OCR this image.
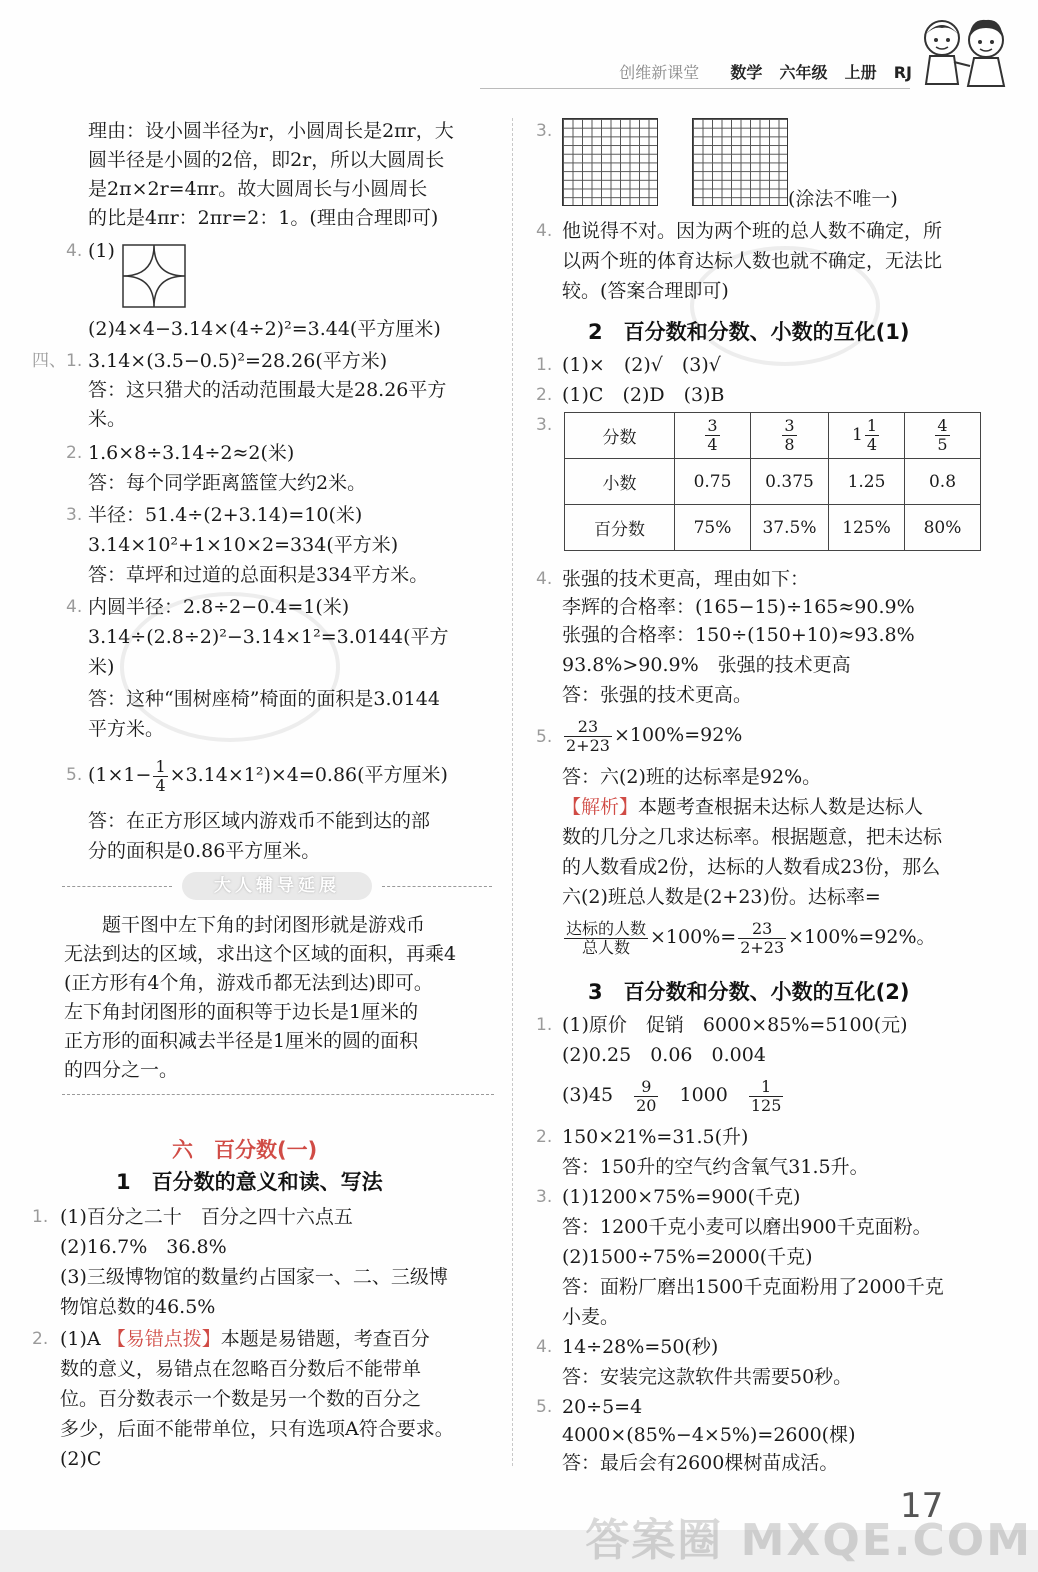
创维新课堂 数学 六年级 上册 RJ
理由：设小圆半径为r，小圆周长是2πr，大
圆半径是小圆的2倍，即2r，所以大圆周长
是2π×2r=4πr。故大圆周长与小圆周长
的比是4πr：2πr=2：1。(理由合理即可)
4. (1)
(2)4×4−3.14×(4÷2)²=3.44(平方厘米)
四、1. 3.14×(3.5−0.5)²=28.26(平方米)
答：这只猎犬的活动范围最大是28.26平方
米。
2. 1.6×8÷3.14÷2≈2(米)
答：每个同学距离篮筐大约2米。
3. 半径：51.4÷(2+3.14)=10(米)
3.14×10²+1×10×2=334(平方米)
答：草坪和过道的总面积是334平方米。
4. 内圆半径：2.8÷2−0.4=1(米)
3.14÷(2.8÷2)²−3.14×1²=3.0144(平方
米)
答：这种“围树座椅”椅面的面积是3.0144
平方米。
5. $(1\times 1- \frac{1}{4} \times 3.14\times 1^2)\times 4=0.86$(平方厘米)
答：在正方形区域内游戏币不能到达的部
分的面积是0.86平方厘米。
大人辅导延展
题干图中左下角的封闭图形就是游戏币
无法到达的区域，求出这个区域的面积，再乘4
(正方形有4个角，游戏币都无法到达)即可。
左下角封闭图形的面积等于边长是1厘米的
正方形的面积减去半径是1厘米的圆的面积
的四分之一。
六　百分数(一)
1　百分数的意义和读、写法
1. (1)百分之二十　百分之四十六点五
(2)16.7%　36.8%
(3)三级博物馆的数量约占国家一、二、三级博
物馆总数的46.5%
2. (1)A 【易错点拨】本题是易错题，考查百分
数的意义，易错点在忽略百分数后不能带单
位。百分数表示一个数是另一个数的百分之
多少，后面不能带单位，只有选项A符合要求。
(2)C
3.
(涂法不唯一)
4. 他说得不对。因为两个班的总人数不确定，所
以两个班的体育达标人数也就不确定，无法比
较。(答案合理即可)
2　百分数和分数、小数的互化(1)
1. (1)×　(2)√　(3)√
2. (1)C　(2)D　(3)B
3.
分数	$\frac{3}{4}$	$\frac{3}{8}$	$1 \frac{1}{4}$	$\frac{4}{5}$

小数	0.75	0.375	1.25	0.8
百分数	75%	37.5%	125%	80%
4. 张强的技术更高，理由如下：
李辉的合格率：(165−15)÷165≈90.9%
张强的合格率：150÷(150+10)≈93.8%
93.8%>90.9%　张强的技术更高
答：张强的技术更高。
5. $\frac{23}{2+23} \times 100\%=92\%$
答：六(2)班的达标率是92%。
【解析】本题考查根据未达标人数是达标人
数的几分之几求达标率。根据题意，把未达标
的人数看成2份，达标的人数看成23份，那么
六(2)班总人数是(2+23)份。达标率=
$\frac{\text{达标的人数}}{\text{总人数}} \times 100\%= \frac{23}{2+23} \times 100\%=92\%$。
3　百分数和分数、小数的互化(2)
1. (1)原价　促销　6000×85%=5100(元)
(2)0.25　0.06　0.004
(3)45　 $\frac{9}{20}$
　 1000　 $\frac{1}{125}$
2. 150×21%=31.5(升)
答：150升的空气约含氧气31.5升。
3. (1)1200×75%=900(千克)
答：1200千克小麦可以磨出900千克面粉。
(2)1500÷75%=2000(千克)
答：面粉厂磨出1500千克面粉用了2000千克
小麦。
4. 14÷28%=50(秒)
答：安装完这款软件共需要50秒。
5. 20÷5=4
4000×(85%−4×5%)=2600(棵)
答：最后会有2600棵树苗成活。
17
答案圈 MXQE.COM
